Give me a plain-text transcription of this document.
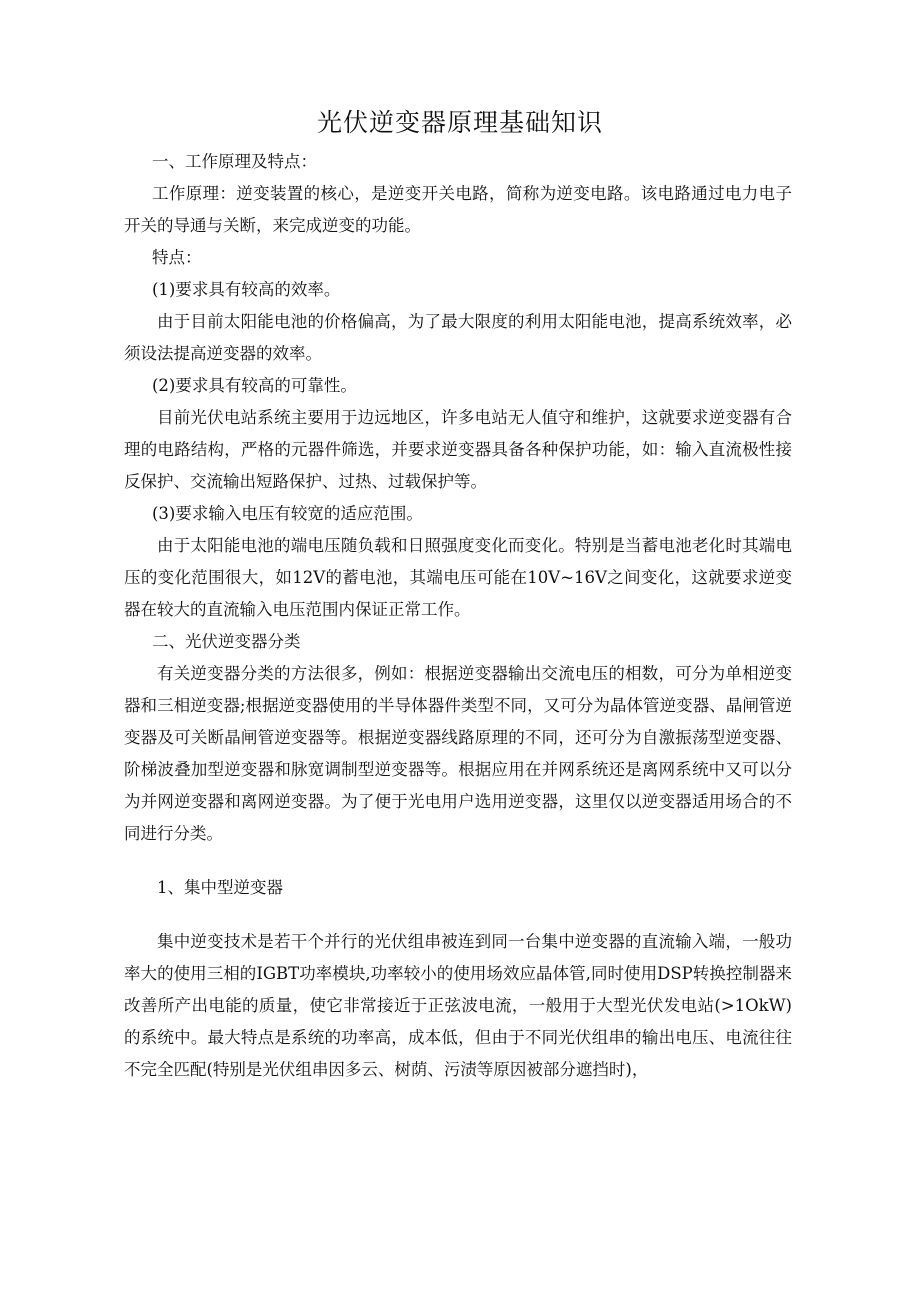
光伏逆变器原理基础知识

一、工作原理及特点：

工作原理：逆变装置的核心，是逆变开关电路，简称为逆变电路。该电路通过电力电子开关的导通与关断，来完成逆变的功能。

特点：

(1)要求具有较高的效率。

由于目前太阳能电池的价格偏高，为了最大限度的利用太阳能电池，提高系统效率，必须设法提高逆变器的效率。

(2)要求具有较高的可靠性。

目前光伏电站系统主要用于边远地区，许多电站无人值守和维护，这就要求逆变器有合理的电路结构，严格的元器件筛选，并要求逆变器具备各种保护功能，如：输入直流极性接反保护、交流输出短路保护、过热、过载保护等。

(3)要求输入电压有较宽的适应范围。

由于太阳能电池的端电压随负载和日照强度变化而变化。特别是当蓄电池老化时其端电压的变化范围很大，如12V的蓄电池，其端电压可能在10V~16V之间变化，这就要求逆变器在较大的直流输入电压范围内保证正常工作。

二、光伏逆变器分类

有关逆变器分类的方法很多，例如：根据逆变器输出交流电压的相数，可分为单相逆变器和三相逆变器;根据逆变器使用的半导体器件类型不同，又可分为晶体管逆变器、晶闸管逆变器及可关断晶闸管逆变器等。根据逆变器线路原理的不同，还可分为自激振荡型逆变器、阶梯波叠加型逆变器和脉宽调制型逆变器等。根据应用在并网系统还是离网系统中又可以分为并网逆变器和离网逆变器。为了便于光电用户选用逆变器，这里仅以逆变器适用场合的不同进行分类。

1、集中型逆变器

集中逆变技术是若干个并行的光伏组串被连到同一台集中逆变器的直流输入端，一般功率大的使用三相的IGBT功率模块,功率较小的使用场效应晶体管,同时使用DSP转换控制器来改善所产出电能的质量，使它非常接近于正弦波电流，一般用于大型光伏发电站(>1OkW)的系统中。最大特点是系统的功率高，成本低，但由于不同光伏组串的输出电压、电流往往不完全匹配(特别是光伏组串因多云、树荫、污渍等原因被部分遮挡时)，
